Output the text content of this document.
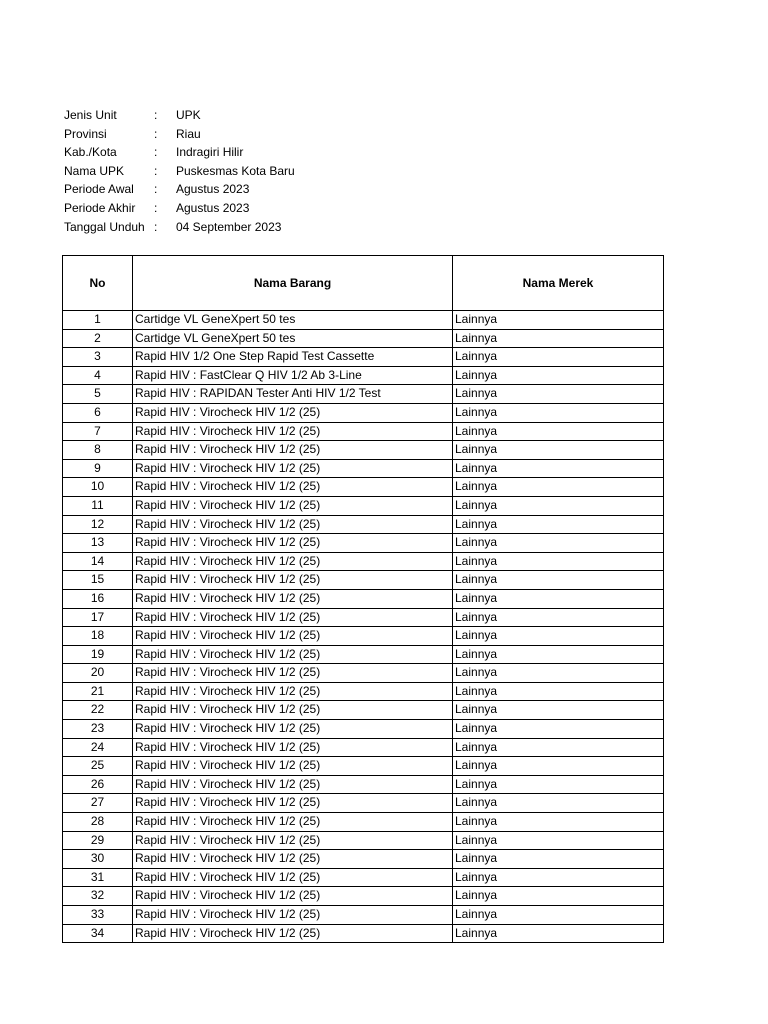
Jenis Unit	:	UPK
Provinsi	:	Riau
Kab./Kota	:	Indragiri Hilir
Nama UPK	:	Puskesmas Kota Baru
Periode Awal	:	Agustus 2023
Periode Akhir	:	Agustus 2023
Tanggal Unduh :	04 September 2023
No	Nama Barang	Nama Merek
1	Cartidge VL GeneXpert 50 tes	Lainnya
2	Cartidge VL GeneXpert 50 tes	Lainnya
3	Rapid HIV 1/2 One Step Rapid Test Cassette	Lainnya
4	Rapid HIV : FastClear Q HIV 1/2 Ab 3-Line	Lainnya
5	Rapid HIV : RAPIDAN Tester Anti HIV 1/2 Test	Lainnya
6	Rapid HIV : Virocheck HIV 1/2 (25)	Lainnya
7	Rapid HIV : Virocheck HIV 1/2 (25)	Lainnya
8	Rapid HIV : Virocheck HIV 1/2 (25)	Lainnya
9	Rapid HIV : Virocheck HIV 1/2 (25)	Lainnya
10	Rapid HIV : Virocheck HIV 1/2 (25)	Lainnya
11	Rapid HIV : Virocheck HIV 1/2 (25)	Lainnya
12	Rapid HIV : Virocheck HIV 1/2 (25)	Lainnya
13	Rapid HIV : Virocheck HIV 1/2 (25)	Lainnya
14	Rapid HIV : Virocheck HIV 1/2 (25)	Lainnya
15	Rapid HIV : Virocheck HIV 1/2 (25)	Lainnya
16	Rapid HIV : Virocheck HIV 1/2 (25)	Lainnya
17	Rapid HIV : Virocheck HIV 1/2 (25)	Lainnya
18	Rapid HIV : Virocheck HIV 1/2 (25)	Lainnya
19	Rapid HIV : Virocheck HIV 1/2 (25)	Lainnya
20	Rapid HIV : Virocheck HIV 1/2 (25)	Lainnya
21	Rapid HIV : Virocheck HIV 1/2 (25)	Lainnya
22	Rapid HIV : Virocheck HIV 1/2 (25)	Lainnya
23	Rapid HIV : Virocheck HIV 1/2 (25)	Lainnya
24	Rapid HIV : Virocheck HIV 1/2 (25)	Lainnya
25	Rapid HIV : Virocheck HIV 1/2 (25)	Lainnya
26	Rapid HIV : Virocheck HIV 1/2 (25)	Lainnya
27	Rapid HIV : Virocheck HIV 1/2 (25)	Lainnya
28	Rapid HIV : Virocheck HIV 1/2 (25)	Lainnya
29	Rapid HIV : Virocheck HIV 1/2 (25)	Lainnya
30	Rapid HIV : Virocheck HIV 1/2 (25)	Lainnya
31	Rapid HIV : Virocheck HIV 1/2 (25)	Lainnya
32	Rapid HIV : Virocheck HIV 1/2 (25)	Lainnya
33	Rapid HIV : Virocheck HIV 1/2 (25)	Lainnya
34	Rapid HIV : Virocheck HIV 1/2 (25)	Lainnya
